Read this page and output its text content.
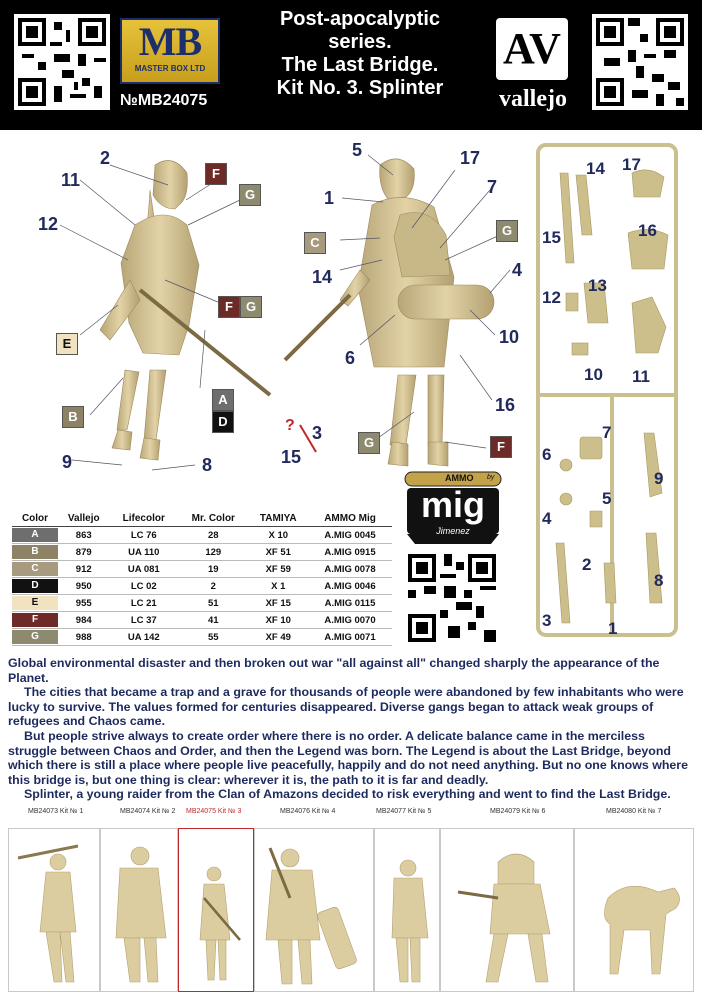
MB
MASTER BOX LTD
№MB24075
Post-apocalyptic
series.
The Last Bridge.
Kit No. 3. Splinter
AV
vallejo
2
11
12
9	8
5	17
1
7
14	4
10
6
16
15
3
?
F
G
F G
E
A
D
B
C
G
G	F
14 17
15	16
13
12
10 11
7
6
9
5
4
2
8
3	1
Color	Vallejo	Lifecolor	Mr. Color	TAMIYA	AMMO Mig

A	863	LC 76	28	X 10	A.MIG 0045

B	879	UA 110	129	XF 51	A.MIG 0915

C	912	UA 081	19	XF 59	A.MIG 0078

D	950	LC 02	2	X 1	A.MIG 0046

E	955	LC 21	51	XF 15	A.MIG 0115

F	984	LC 37	41	XF 10	A.MIG 0070

G	988	UA 142	55	XF 49	A.MIG 0071
AMMO by
mig
Jimenez

Global environmental disaster and then broken out war "all against all" changed sharply the appearance of the Planet.

The cities that became a trap and a grave for thousands of people were abandoned by few inhabitants who were lucky to survive. The values formed for centuries disappeared. Diverse gangs began to attack weak groups of refugees and Chaos came.

But people strive always to create order where there is no order. A delicate balance came in the merciless struggle between Chaos and Order, and then the Legend was born. The Legend is about the Last Bridge, beyond which there is still a place where people live peacefully, happily and do not need anything. But no one knows where this bridge is, but one thing is clear: wherever it is, the path to it is far and deadly.

Splinter, a young raider from the Clan of Amazons decided to risk everything and went to find the Last Bridge.

MB24073 Kit № 1	MB24074 Kit № 2 MB24075 Kit № 3	MB24076 Kit № 4	MB24077 Kit № 5	MB24079 Kit № 6	MB24080 Kit № 7
